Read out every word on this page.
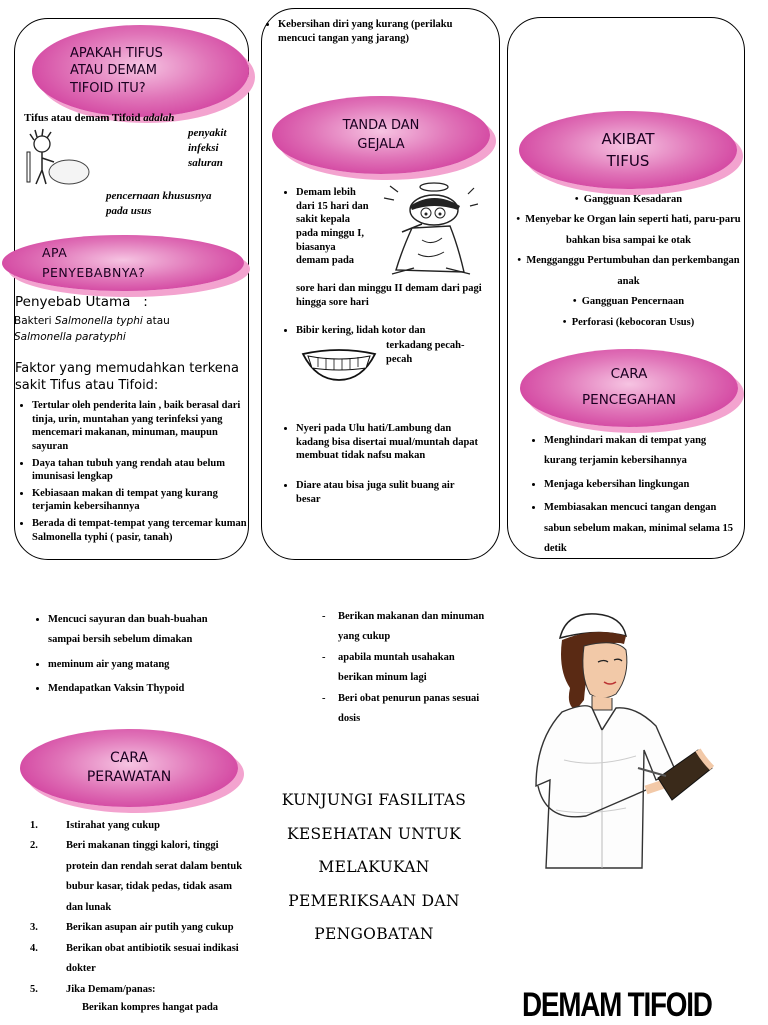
APAKAH TIFUS ATAU DEMAM TIFOID ITU?
Tifus atau demam Tifoid adalah
penyakit
infeksi
saluran
pencernaan khususnya
pada usus
APA PENYEBABNYA?
Penyebab Utama   :
Bakteri Salmonella typhi atau
Salmonella paratyphi
Faktor yang memudahkan terkena sakit Tifus atau Tifoid:
• Tertular oleh penderita lain , baik berasal dari tinja, urin, muntahan yang terinfeksi yang mencemari makanan, minuman, maupun sayuran
• Daya tahan tubuh yang rendah atau belum imunisasi lengkap
• Kebiasaan makan di tempat yang kurang terjamin kebersihannya
• Berada di tempat-tempat yang tercemar kuman Salmonella typhi ( pasir, tanah)
• Kebersihan diri yang kurang (perilaku mencuci tangan yang jarang)
TANDA DAN GEJALA
• Demam lebih dari 15 hari dan sakit kepala pada minggu I, biasanya demam pada
sore hari dan minggu II demam dari pagi hingga sore hari
• Bibir kering, lidah kotor dan
terkadang pecah-pecah
• Nyeri pada Ulu hati/Lambung dan kadang bisa disertai mual/muntah dapat membuat tidak nafsu makan
• Diare atau bisa juga sulit buang air besar
AKIBAT TIFUS
•  Gangguan Kesadaran
•  Menyebar ke Organ lain seperti hati, paru-paru bahkan bisa sampai ke otak
•  Mengganggu Pertumbuhan dan perkembangan anak
•  Gangguan Pencernaan
•  Perforasi (kebocoran Usus)
CARA PENCEGAHAN
• Menghindari makan di tempat yang kurang terjamin kebersihannya
• Menjaga kebersihan lingkungan
• Membiasakan mencuci tangan dengan sabun sebelum makan, minimal selama 15 detik
• Mencuci sayuran dan buah-buahan sampai bersih sebelum dimakan
• meminum air yang matang
• Mendapatkan Vaksin Thypoid
CARA PERAWATAN
1.	Istirahat yang cukup
2.	Beri makanan tinggi kalori, tinggi protein dan rendah serat dalam bentuk bubur kasar, tidak pedas, tidak asam dan lunak
3.	Berikan asupan air putih yang cukup
4.	Berikan obat antibiotik sesuai indikasi dokter
5.	Jika Demam/panas:
Berikan kompres hangat pada
- Berikan makanan dan minuman yang cukup
- apabila muntah usahakan berikan minum lagi
- Beri obat penurun panas sesuai dosis
KUNJUNGI FASILITAS
KESEHATAN UNTUK
MELAKUKAN
PEMERIKSAAN DAN
PENGOBATAN
DEMAM TIFOID
